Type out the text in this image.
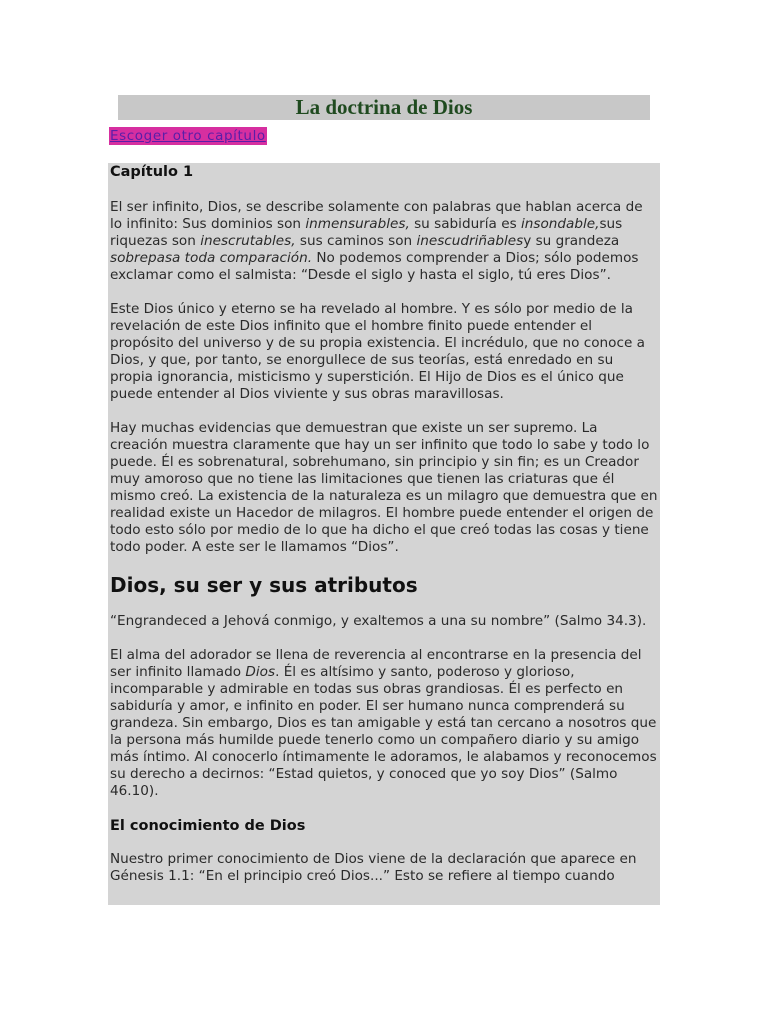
La doctrina de Dios
Escoger otro capítulo
Capítulo 1

El ser infinito, Dios, se describe solamente con palabras que hablan acerca de lo infinito: Sus dominios son inmensurables, su sabiduría es insondable,sus riquezas son inescrutables, sus caminos son inescudriñablesy su grandeza sobrepasa toda comparación. No podemos comprender a Dios; sólo podemos exclamar como el salmista: “Desde el siglo y hasta el siglo, tú eres Dios”.

Este Dios único y eterno se ha revelado al hombre. Y es sólo por medio de la revelación de este Dios infinito que el hombre finito puede entender el propósito del universo y de su propia existencia. El incrédulo, que no conoce a Dios, y que, por tanto, se enorgullece de sus teorías, está enredado en su propia ignorancia, misticismo y superstición. El Hijo de Dios es el único que puede entender al Dios viviente y sus obras maravillosas.

Hay muchas evidencias que demuestran que existe un ser supremo. La creación muestra claramente que hay un ser infinito que todo lo sabe y todo lo puede. Él es sobrenatural, sobrehumano, sin principio y sin fin; es un Creador muy amoroso que no tiene las limitaciones que tienen las criaturas que él mismo creó. La existencia de la naturaleza es un milagro que demuestra que en realidad existe un Hacedor de milagros. El hombre puede entender el origen de todo esto sólo por medio de lo que ha dicho el que creó todas las cosas y tiene todo poder. A este ser le llamamos “Dios”.

Dios, su ser y sus atributos

“Engrandeced a Jehová conmigo, y exaltemos a una su nombre” (Salmo 34.3).

El alma del adorador se llena de reverencia al encontrarse en la presencia del ser infinito llamado Dios. Él es altísimo y santo, poderoso y glorioso, incomparable y admirable en todas sus obras grandiosas. Él es perfecto en sabiduría y amor, e infinito en poder. El ser humano nunca comprenderá su grandeza. Sin embargo, Dios es tan amigable y está tan cercano a nosotros que la persona más humilde puede tenerlo como un compañero diario y su amigo más íntimo. Al conocerlo íntimamente le adoramos, le alabamos y reconocemos su derecho a decirnos: “Estad quietos, y conoced que yo soy Dios” (Salmo 46.10).

El conocimiento de Dios

Nuestro primer conocimiento de Dios viene de la declaración que aparece en Génesis 1.1: “En el principio creó Dios...” Esto se refiere al tiempo cuando
